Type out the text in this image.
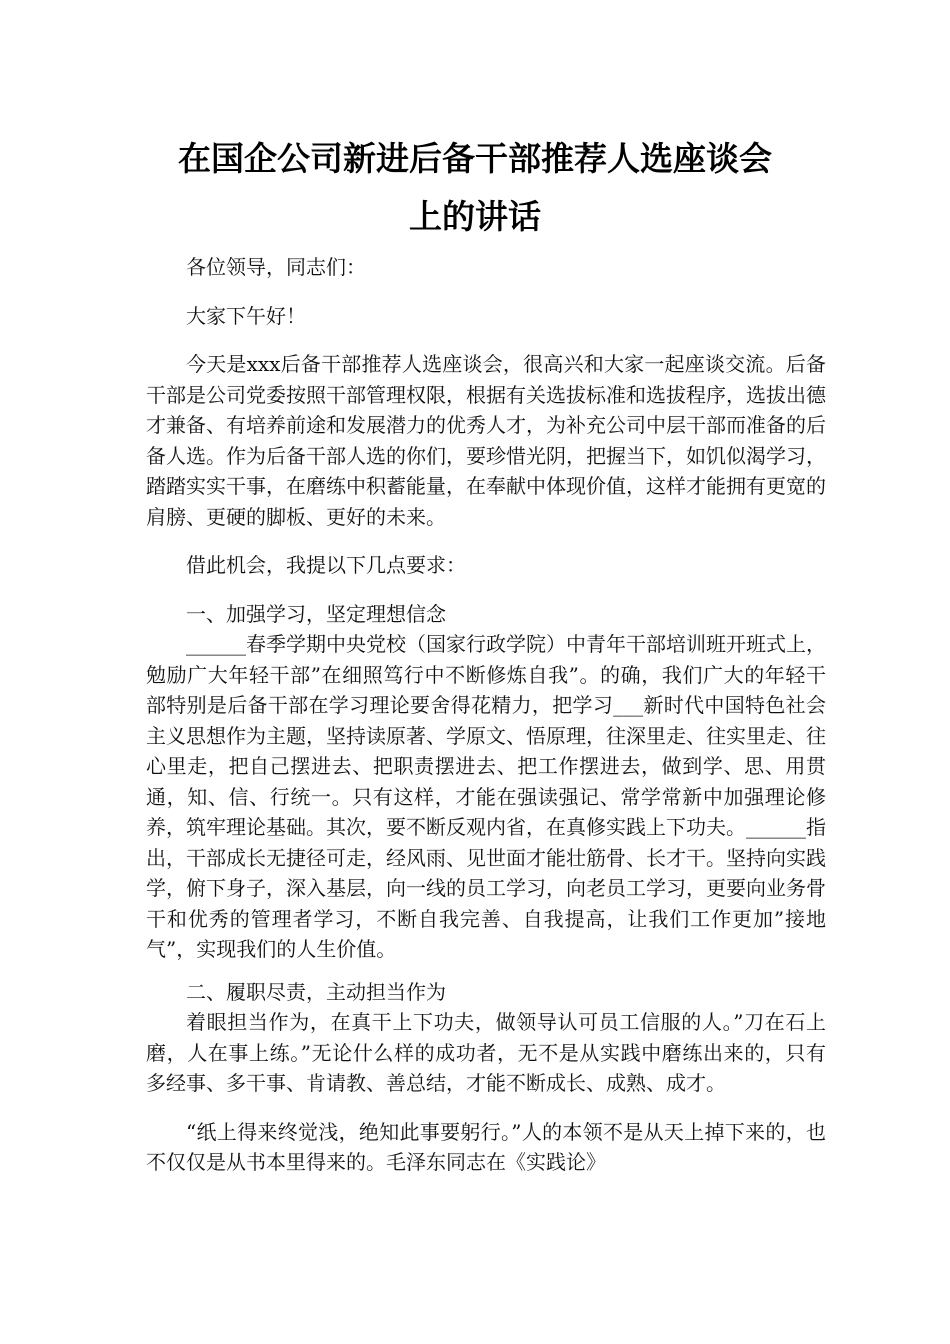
在国企公司新进后备干部推荐人选座谈会
上的讲话

各位领导，同志们：

大家下午好！

今天是xxx后备干部推荐人选座谈会，很高兴和大家一起座谈交流。后备干部是公司党委按照干部管理权限，根据有关选拔标准和选拔程序，选拔出德才兼备、有培养前途和发展潜力的优秀人才，为补充公司中层干部而准备的后备人选。作为后备干部人选的你们，要珍惜光阴，把握当下，如饥似渴学习，踏踏实实干事，在磨练中积蓄能量，在奉献中体现价值，这样才能拥有更宽的肩膀、更硬的脚板、更好的未来。

借此机会，我提以下几点要求：

一、加强学习，坚定理想信念

______春季学期中央党校（国家行政学院）中青年干部培训班开班式上，勉励广大年轻干部”在细照笃行中不断修炼自我”。的确，我们广大的年轻干部特别是后备干部在学习理论要舍得花精力，把学习___新时代中国特色社会主义思想作为主题，坚持读原著、学原文、悟原理，往深里走、往实里走、往心里走，把自己摆进去、把职责摆进去、把工作摆进去，做到学、思、用贯通，知、信、行统一。只有这样，才能在强读强记、常学常新中加强理论修养，筑牢理论基础。其次，要不断反观内省，在真修实践上下功夫。______指出，干部成长无捷径可走，经风雨、见世面才能壮筋骨、长才干。坚持向实践学，俯下身子，深入基层，向一线的员工学习，向老员工学习，更要向业务骨干和优秀的管理者学习，不断自我完善、自我提高，让我们工作更加”接地气”，实现我们的人生价值。

二、履职尽责，主动担当作为

着眼担当作为，在真干上下功夫，做领导认可员工信服的人。”刀在石上磨，人在事上练。”无论什么样的成功者，无不是从实践中磨练出来的，只有多经事、多干事、肯请教、善总结，才能不断成长、成熟、成才。

“纸上得来终觉浅，绝知此事要躬行。”人的本领不是从天上掉下来的，也不仅仅是从书本里得来的。毛泽东同志在《实践论》
